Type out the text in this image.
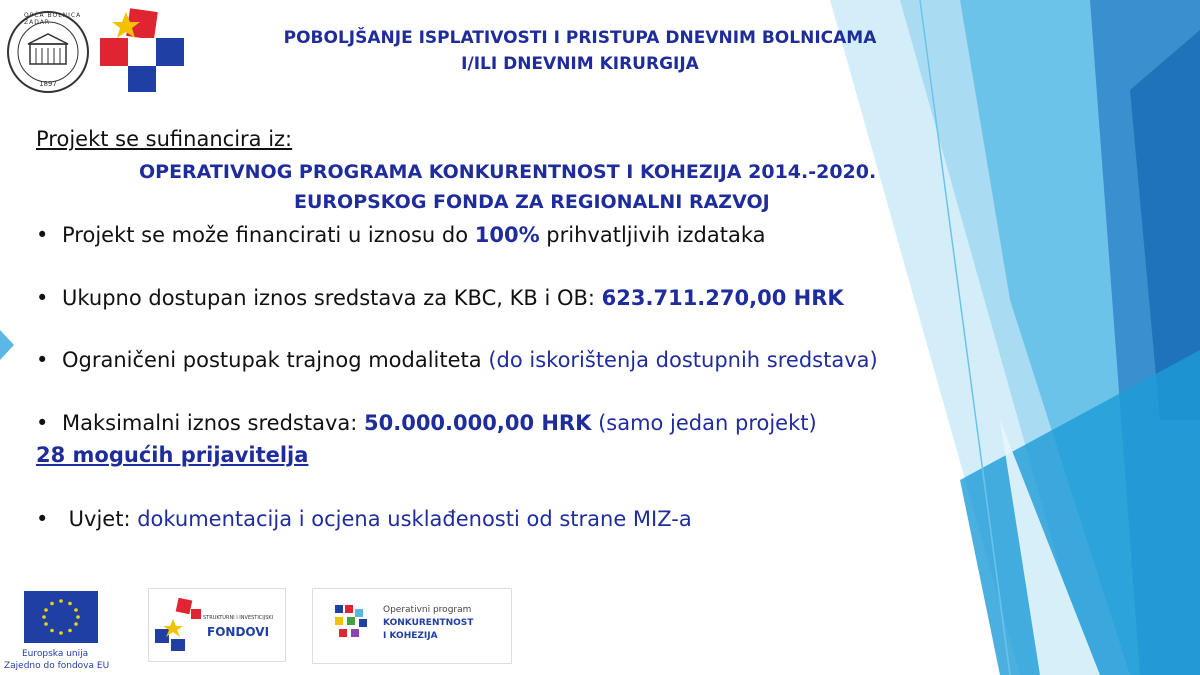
OPĆA BOLNICA ZADAR
1897
POBOLJŠANJE ISPLATIVOSTI I PRISTUPA DNEVNIM BOLNICAMA
I/ILI DNEVNIM KIRURGIJA
Projekt se sufinancira iz:
OPERATIVNOG PROGRAMA KONKURENTNOST I KOHEZIJA 2014.-2020.
EUROPSKOG FONDA ZA REGIONALNI RAZVOJ
• Projekt se može financirati u iznosu do 100% prihvatljivih izdataka
• Ukupno dostupan iznos sredstava za KBC, KB i OB: 623.711.270,00 HRK
• Ograničeni postupak trajnog modaliteta (do iskorištenja dostupnih sredstava)
• Maksimalni iznos sredstava: 50.000.000,00 HRK (samo jedan projekt)
28 mogućih prijavitelja
• Uvjet: dokumentacija i ocjena usklađenosti od strane MIZ-a
Europska unija
Zajedno do fondova EU
STRUKTURNI I INVESTICIJSKI
FONDOVI
Operativni program
KONKURENTNOST
I KOHEZIJA
